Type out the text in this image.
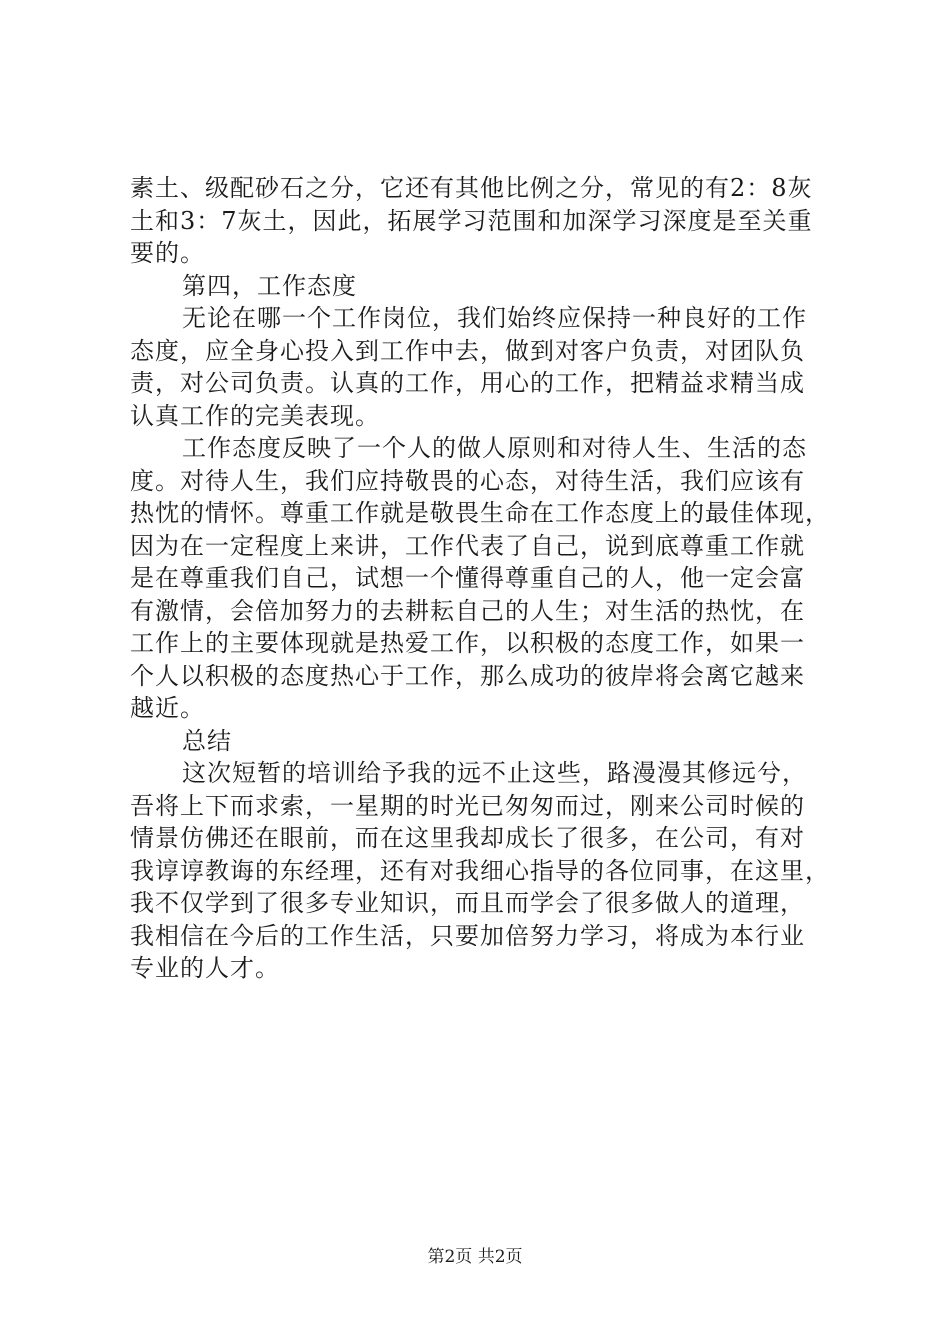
素土、级配砂石之分，它还有其他比例之分，常见的有2：8灰
土和3：7灰土，因此，拓展学习范围和加深学习深度是至关重
要的。
第四，工作态度
无论在哪一个工作岗位，我们始终应保持一种良好的工作
态度，应全身心投入到工作中去，做到对客户负责，对团队负
责，对公司负责。认真的工作，用心的工作，把精益求精当成
认真工作的完美表现。
工作态度反映了一个人的做人原则和对待人生、生活的态
度。对待人生，我们应持敬畏的心态，对待生活，我们应该有
热忱的情怀。尊重工作就是敬畏生命在工作态度上的最佳体现，
因为在一定程度上来讲，工作代表了自己，说到底尊重工作就
是在尊重我们自己，试想一个懂得尊重自己的人，他一定会富
有激情，会倍加努力的去耕耘自己的人生；对生活的热忱，在
工作上的主要体现就是热爱工作，以积极的态度工作，如果一
个人以积极的态度热心于工作，那么成功的彼岸将会离它越来
越近。
总结
这次短暂的培训给予我的远不止这些，路漫漫其修远兮，
吾将上下而求索，一星期的时光已匆匆而过，刚来公司时候的
情景仿佛还在眼前，而在这里我却成长了很多，在公司，有对
我谆谆教诲的东经理，还有对我细心指导的各位同事，在这里，
我不仅学到了很多专业知识，而且而学会了很多做人的道理，
我相信在今后的工作生活，只要加倍努力学习，将成为本行业
专业的人才。
第2页 共2页
